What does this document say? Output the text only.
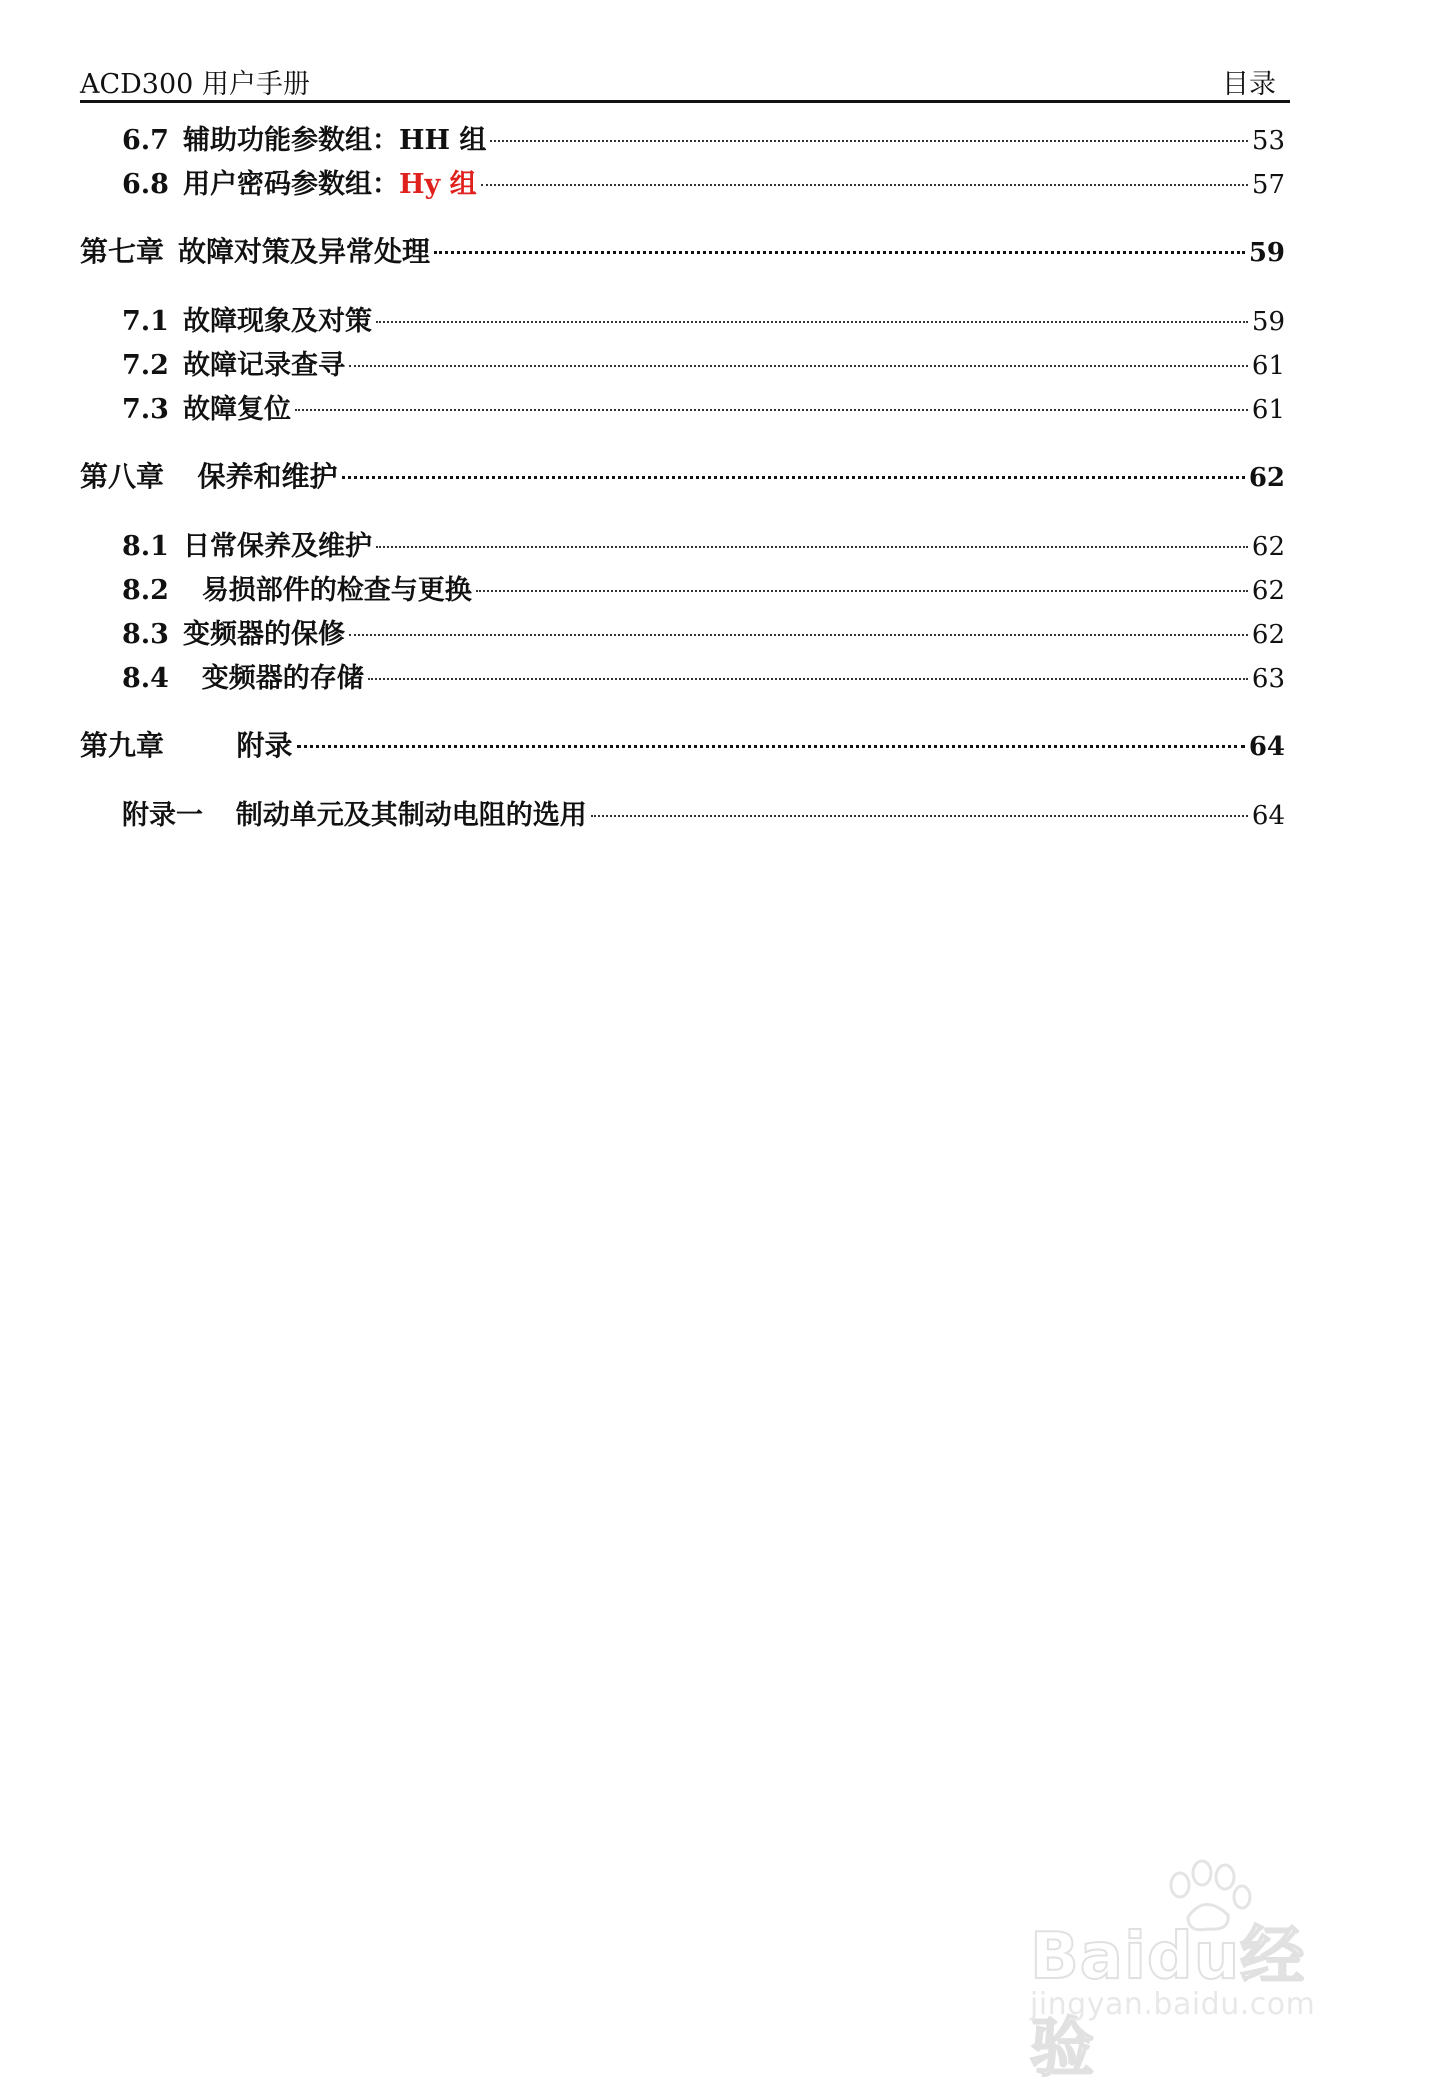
ACD300 用户手册	目录
6.7 辅助功能参数组：HH 组	53
6.8 用户密码参数组： Hy 组	57
第七章 故障对策及异常处理	59
7.1 故障现象及对策	59
7.2 故障记录查寻	61
7.3 故障复位	61
第八章 保养和维护	62
8.1 日常保养及维护	62
8.2 易损部件的检查与更换	62
8.3 变频器的保修	62
8.4 变频器的存储	63
第九章 附录	64
附录一 制动单元及其制动电阻的选用	64
Baidu经验
jingyan.baidu.com
